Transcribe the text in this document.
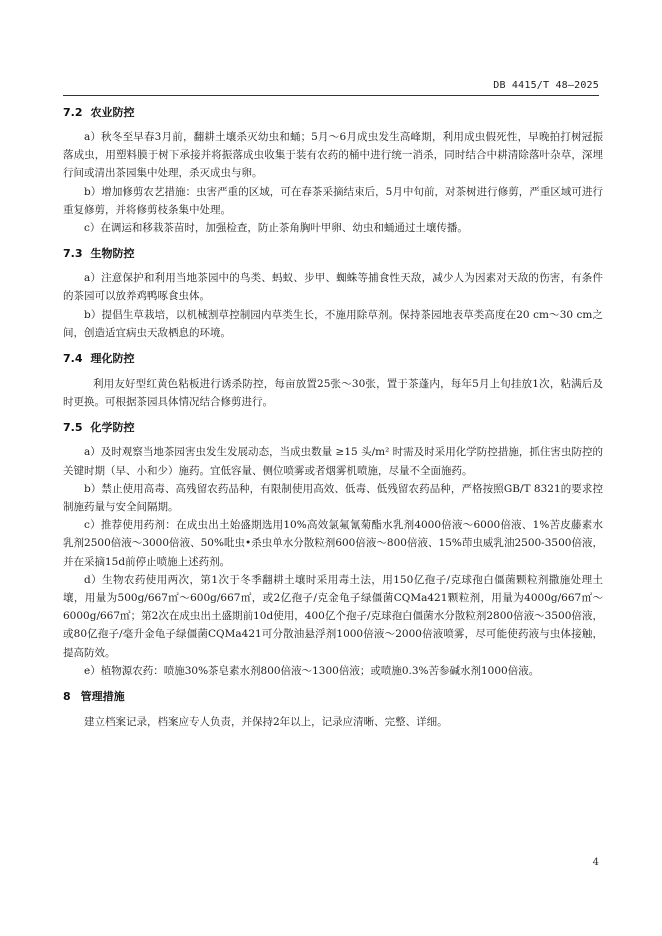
DB 4415/T 48—2025
7.2 农业防控

a）秋冬至早春3月前，翻耕土壤杀灭幼虫和蛹；5月～6月成虫发生高峰期，利用成虫假死性，早晚拍打树冠振落成虫，用塑料膜于树下承接并将振落成虫收集于装有农药的桶中进行统一消杀，同时结合中耕清除落叶杂草，深埋行间或清出茶园集中处理，杀灭成虫与卵。

b）增加修剪农艺措施：虫害严重的区域，可在春茶采摘结束后，5月中旬前，对茶树进行修剪，严重区域可进行重复修剪，并将修剪枝条集中处理。

c）在调运和移栽茶苗时，加强检查，防止茶角胸叶甲卵、幼虫和蛹通过土壤传播。

7.3 生物防控

a）注意保护和利用当地茶园中的鸟类、蚂蚁、步甲、蜘蛛等捕食性天敌，减少人为因素对天敌的伤害，有条件的茶园可以放养鸡鸭啄食虫体。

b）提倡生草栽培，以机械割草控制园内草类生长，不施用除草剂。保持茶园地表草类高度在20 cm～30 cm之间，创造适宜病虫天敌栖息的环境。

7.4 理化防控

利用友好型红黄色粘板进行诱杀防控，每亩放置25张～30张，置于茶蓬内，每年5月上旬挂放1次，粘满后及时更换。可根据茶园具体情况结合修剪进行。

7.5 化学防控

a）及时观察当地茶园害虫发生发展动态，当成虫数量 ≥15 头/m² 时需及时采用化学防控措施，抓住害虫防控的关键时期（早、小和少）施药。宜低容量、侧位喷雾或者烟雾机喷施，尽量不全面施药。

b）禁止使用高毒、高残留农药品种，有限制使用高效、低毒、低残留农药品种，严格按照GB/T 8321的要求控制施药量与安全间隔期。

c）推荐使用药剂：在成虫出土始盛期选用10%高效氯氟氰菊酯水乳剂4000倍液～6000倍液、1%苦皮藤素水乳剂2500倍液～3000倍液、50%吡虫•杀虫单水分散粒剂600倍液～800倍液、15%茚虫威乳油2500-3500倍液，并在采摘15d前停止喷施上述药剂。

d）生物农药使用两次，第1次于冬季翻耕土壤时采用毒土法，用150亿孢子/克球孢白僵菌颗粒剂撒施处理土壤，用量为500g/667㎡～600g/667㎡，或2亿孢子/克金龟子绿僵菌CQMa421颗粒剂，用量为4000g/667㎡～6000g/667㎡；第2次在成虫出土盛期前10d使用，400亿个孢子/克球孢白僵菌水分散粒剂2800倍液～3500倍液，或80亿孢子/毫升金龟子绿僵菌CQMa421可分散油悬浮剂1000倍液～2000倍液喷雾，尽可能使药液与虫体接触，提高防效。

e）植物源农药：喷施30%茶皂素水剂800倍液～1300倍液；或喷施0.3%苦参碱水剂1000倍液。

8 管理措施

建立档案记录，档案应专人负责，并保持2年以上，记录应清晰、完整、详细。

4
